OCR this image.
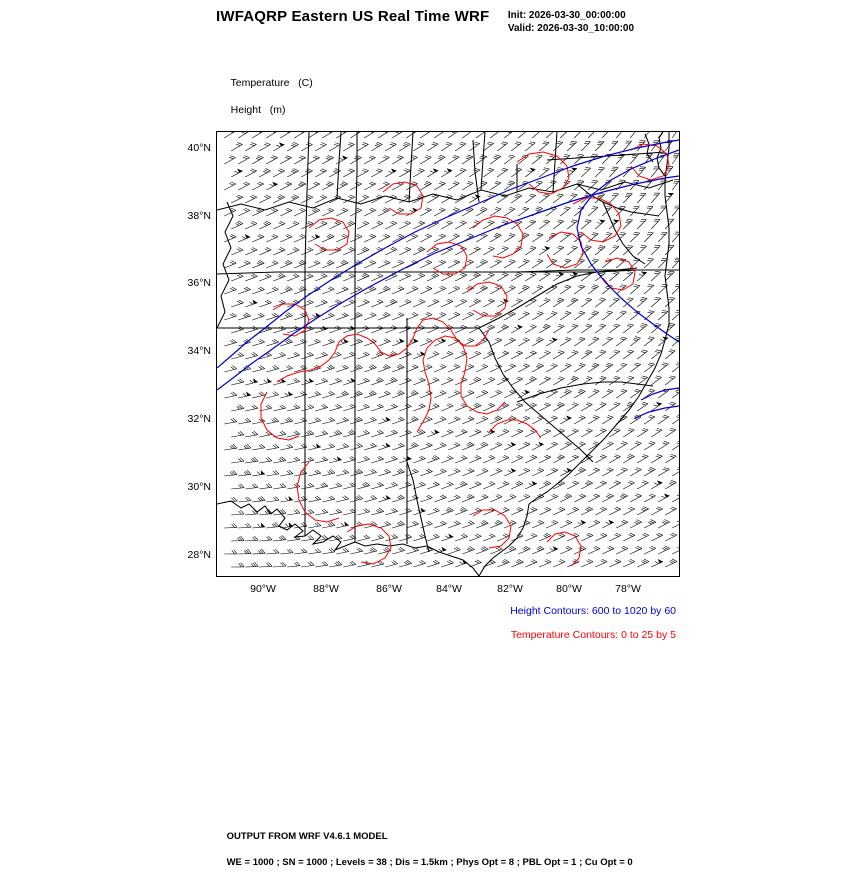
IWFAQRP Eastern US Real Time WRF Init: 2026-03-30_00:00:00
Valid: 2026-03-30_10:00:00

Temperature   (C)

Height   (m)

40°N
38°N
36°N
34°N
32°N
30°N
28°N
90°W	88°W	86°W	84°W	82°W	80°W	78°W
Height Contours: 600 to 1020 by 60
Temperature Contours: 0 to 25 by 5

OUTPUT FROM WRF V4.6.1 MODEL

WE = 1000 ; SN = 1000 ; Levels = 38 ; Dis = 1.5km ; Phys Opt = 8 ; PBL Opt = 1 ; Cu Opt = 0
